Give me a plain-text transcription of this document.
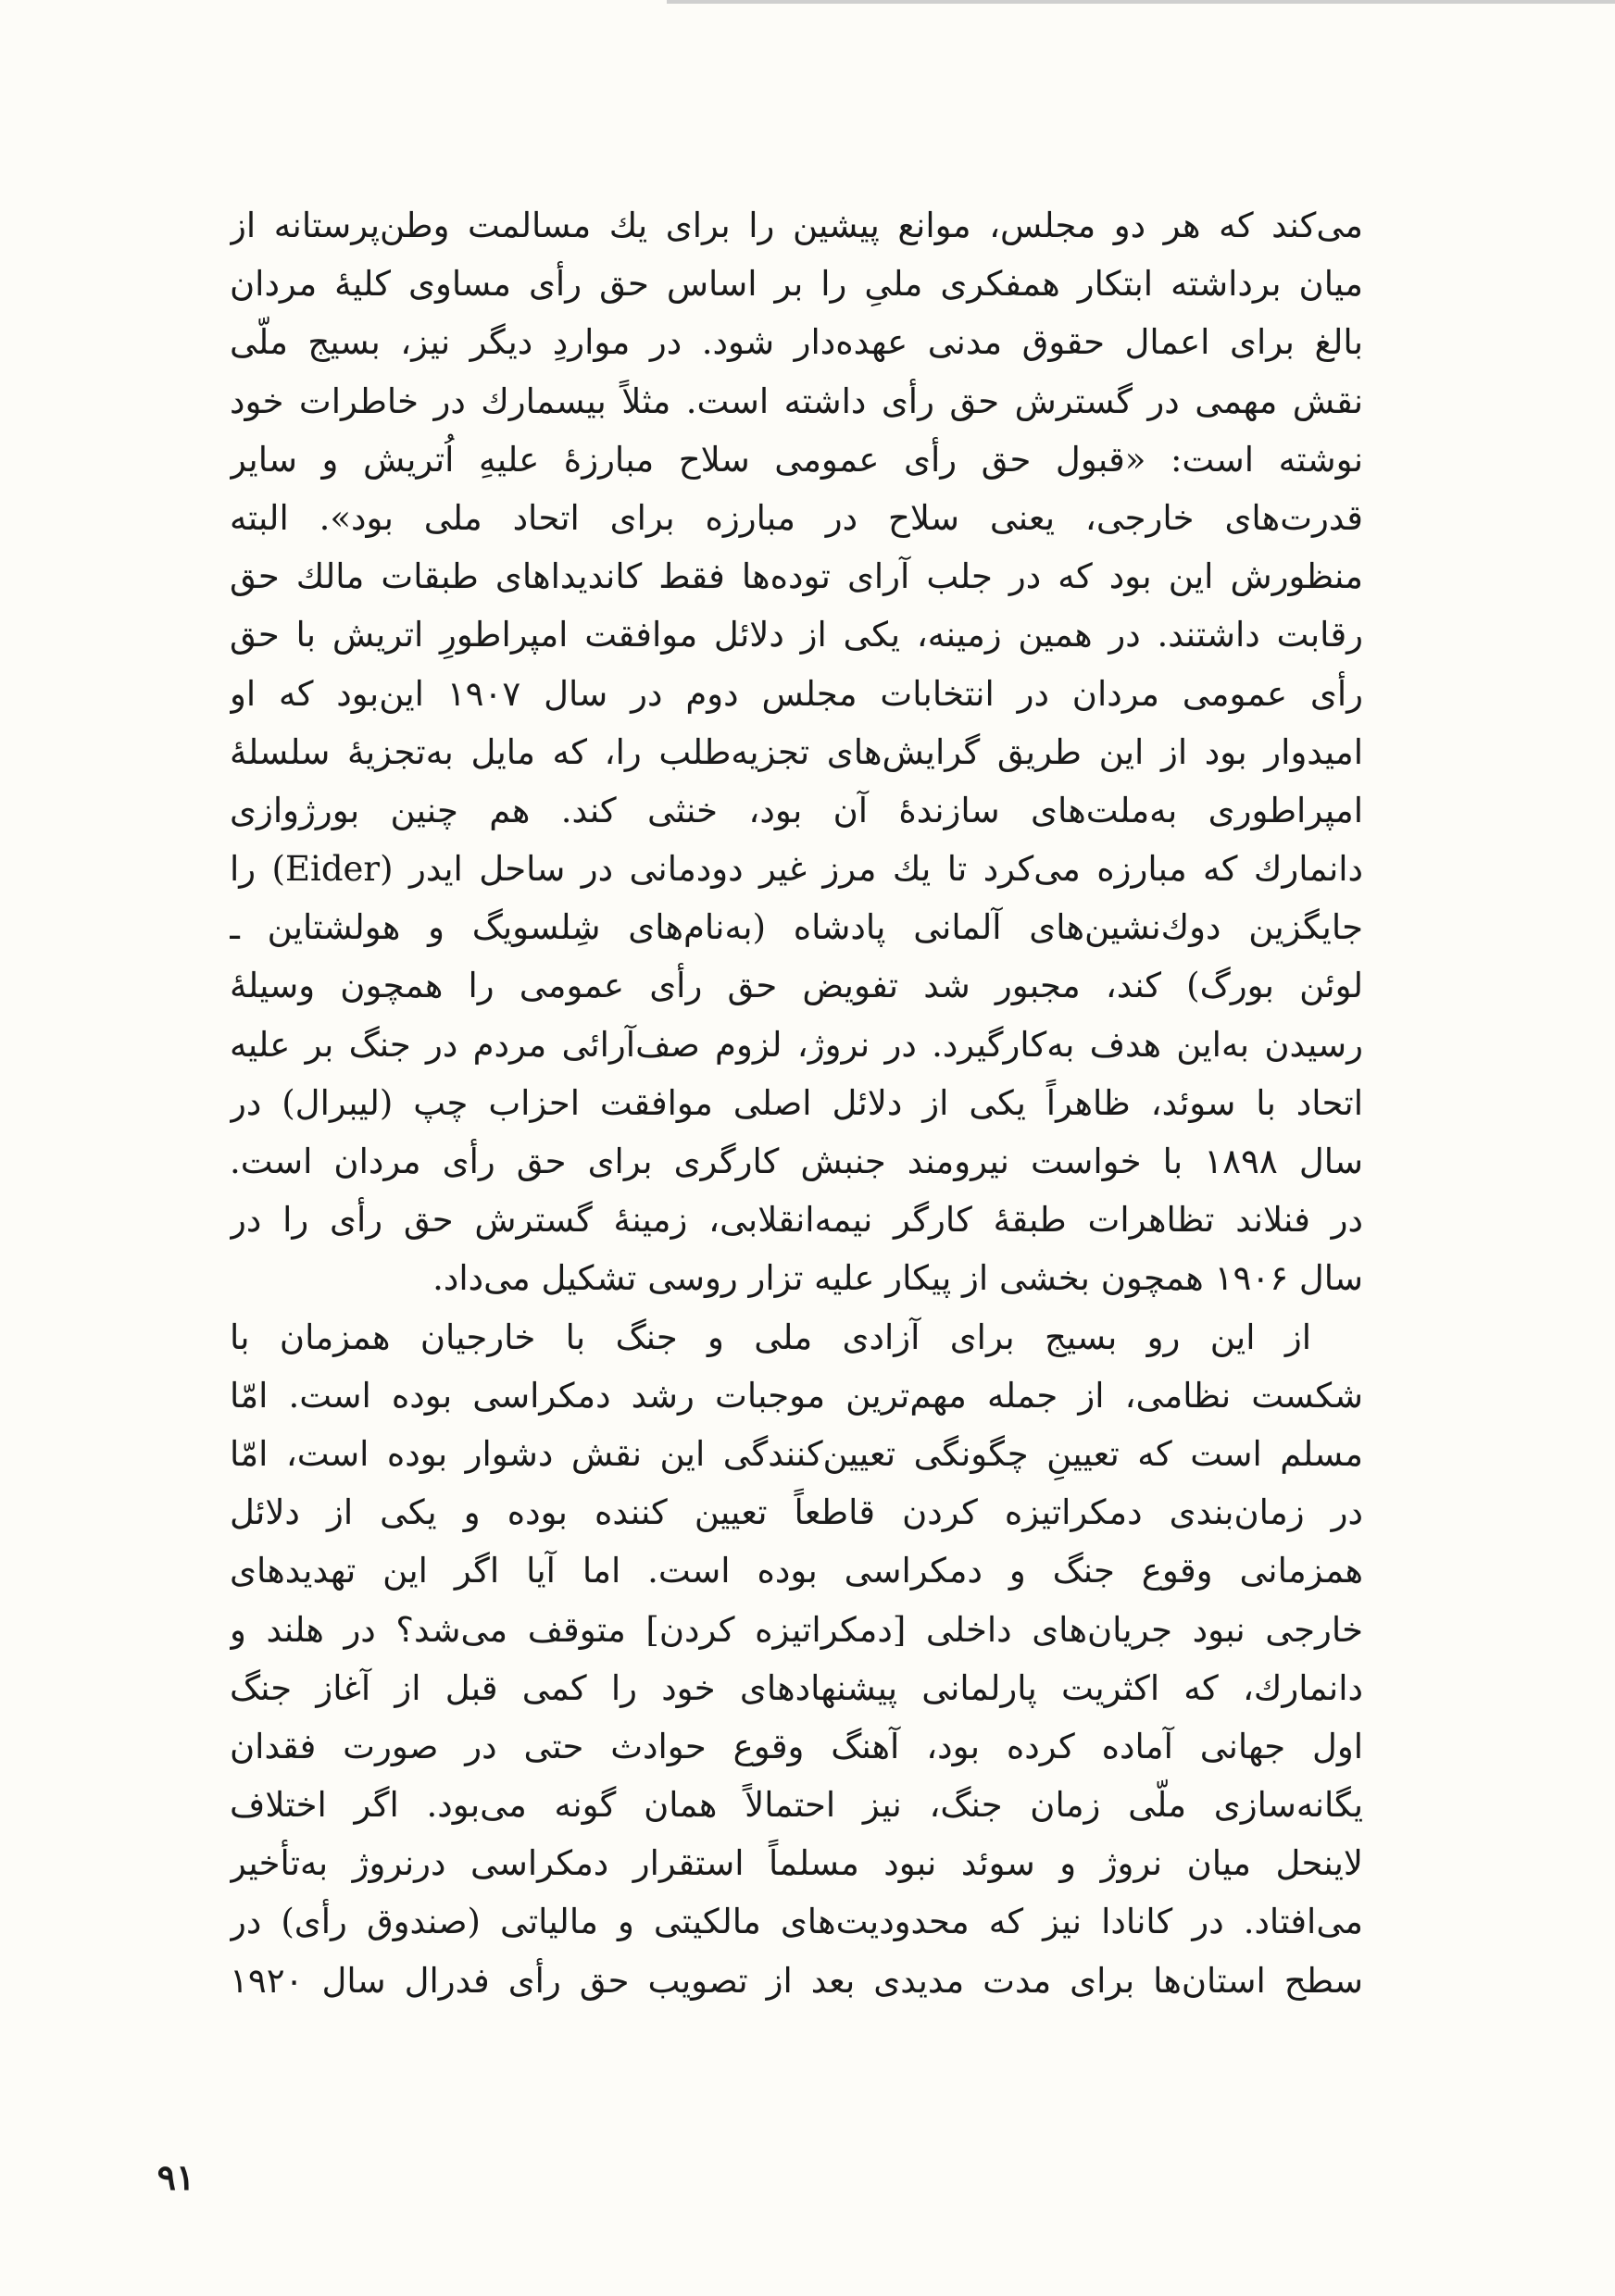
می‌کند که هر دو مجلس، موانع پیشین را برای یك مسالمت وطن‌پرستانه از
میان برداشته ابتکار همفکری ملیِ را بر اساس حق رأی مساوی کلیهٔ مردان
بالغ برای اعمال حقوق مدنی عهده‌دار شود. در مواردِ دیگر نیز، بسیج ملّی
نقش مهمی در گسترش حق رأی داشته است. مثلاً بیسمارك در خاطرات خود
نوشته است: «قبول حق رأی عمومی سلاح مبارزهٔ علیهِ اُتریش و سایر
قدرت‌های خارجی، یعنی سلاح در مبارزه برای اتحاد ملی بود»‌. البته
منظورش این بود که در جلب آرای توده‌ها فقط کاندیداهای طبقات مالك حق
رقابت داشتند. در همین زمینه، یکی از دلائل موافقت امپراطورِ اتریش با حق
رأی عمومی مردان در انتخابات مجلس دوم در سال ۱۹۰۷ این‌بود که او
امیدوار بود از این طریق گرایش‌های تجزیه‌طلب را، که مایل به‌تجزیهٔ سلسلهٔ
امپراطوری به‌ملت‌های سازندهٔ آن بود، خنثی کند. هم چنین بورژوازی
دانمارك که مبارزه می‌کرد تا یك مرز غیر دودمانی در ساحل ایدر (Eider) را
جایگزین دوك‌نشین‌های آلمانی پادشاه (به‌نام‌های شِلسویگ و هولشتاین ـ
لوئن بورگ) کند، مجبور شد تفویض حق رأی عمومی را همچون وسیلهٔ
رسیدن به‌این هدف به‌کارگیرد. در نروژ، لزوم صف‌آرائی مردم در جنگ بر علیه
اتحاد با سوئد، ظاهراً یکی از دلائل اصلی موافقت احزاب چپ (لیبرال) در
سال ۱۸۹۸ با خواست نیرومند جنبش کارگری برای حق رأی مردان است.
در فنلاند تظاهرات طبقهٔ کارگر نیمه‌انقلابی، زمینهٔ گسترش حق رأی را در
سال ۱۹۰۶ همچون بخشی از پیکار علیه تزار روسی تشکیل می‌داد.
از این رو بسیج برای آزادی ملی و جنگ با خارجیان همزمان با
شکست نظامی، از جمله مهم‌ترین موجبات رشد دمکراسی بوده است. امّا
مسلم است که تعیینِ چگونگی تعیین‌کنندگی این نقش دشوار بوده است، امّا
در زمان‌بندی دمکراتیزه کردن قاطعاً تعیین کننده بوده و یکی از دلائل
همزمانی وقوع جنگ و دمکراسی بوده است. اما آیا اگر این تهدیدهای
خارجی نبود جریان‌های داخلی [دمکراتیزه کردن] متوقف می‌شد؟ در هلند و
دانمارك، که اکثریت پارلمانی پیشنهادهای خود را کمی قبل از آغاز جنگ
اول جهانی آماده کرده بود، آهنگ وقوع حوادث حتی در صورت فقدان
یگانه‌سازی ملّی زمان جنگ، نیز احتمالاً همان گونه می‌بود. اگر اختلاف
لاینحل میان نروژ و سوئد نبود مسلماً استقرار دمکراسی درنروژ به‌تأخیر
می‌افتاد. در کانادا نیز که محدودیت‌های مالکیتی و مالیاتی (صندوق رأی) در
سطح استان‌ها برای مدت مدیدی بعد از تصویب حق رأی فدرال سال ۱۹۲۰
۹۱
